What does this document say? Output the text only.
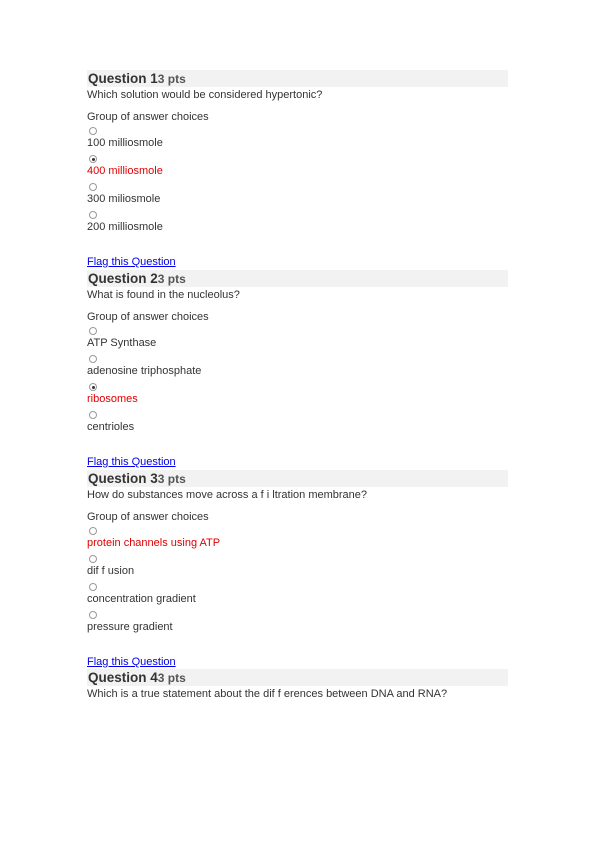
Question 13 pts
Which solution would be considered hypertonic?
Group of answer choices
100 milliosmole
400 milliosmole
300 miliosmole
200 milliosmole
Flag this Question
Question 23 pts
What is found in the nucleolus?
Group of answer choices
ATP Synthase
adenosine triphosphate
ribosomes
centrioles
Flag this Question
Question 33 pts
How do substances move across a f i ltration membrane?
Group of answer choices
protein channels using ATP
dif f usion
concentration gradient
pressure gradient
Flag this Question
Question 43 pts
Which is a true statement about the dif f erences between DNA and RNA?
